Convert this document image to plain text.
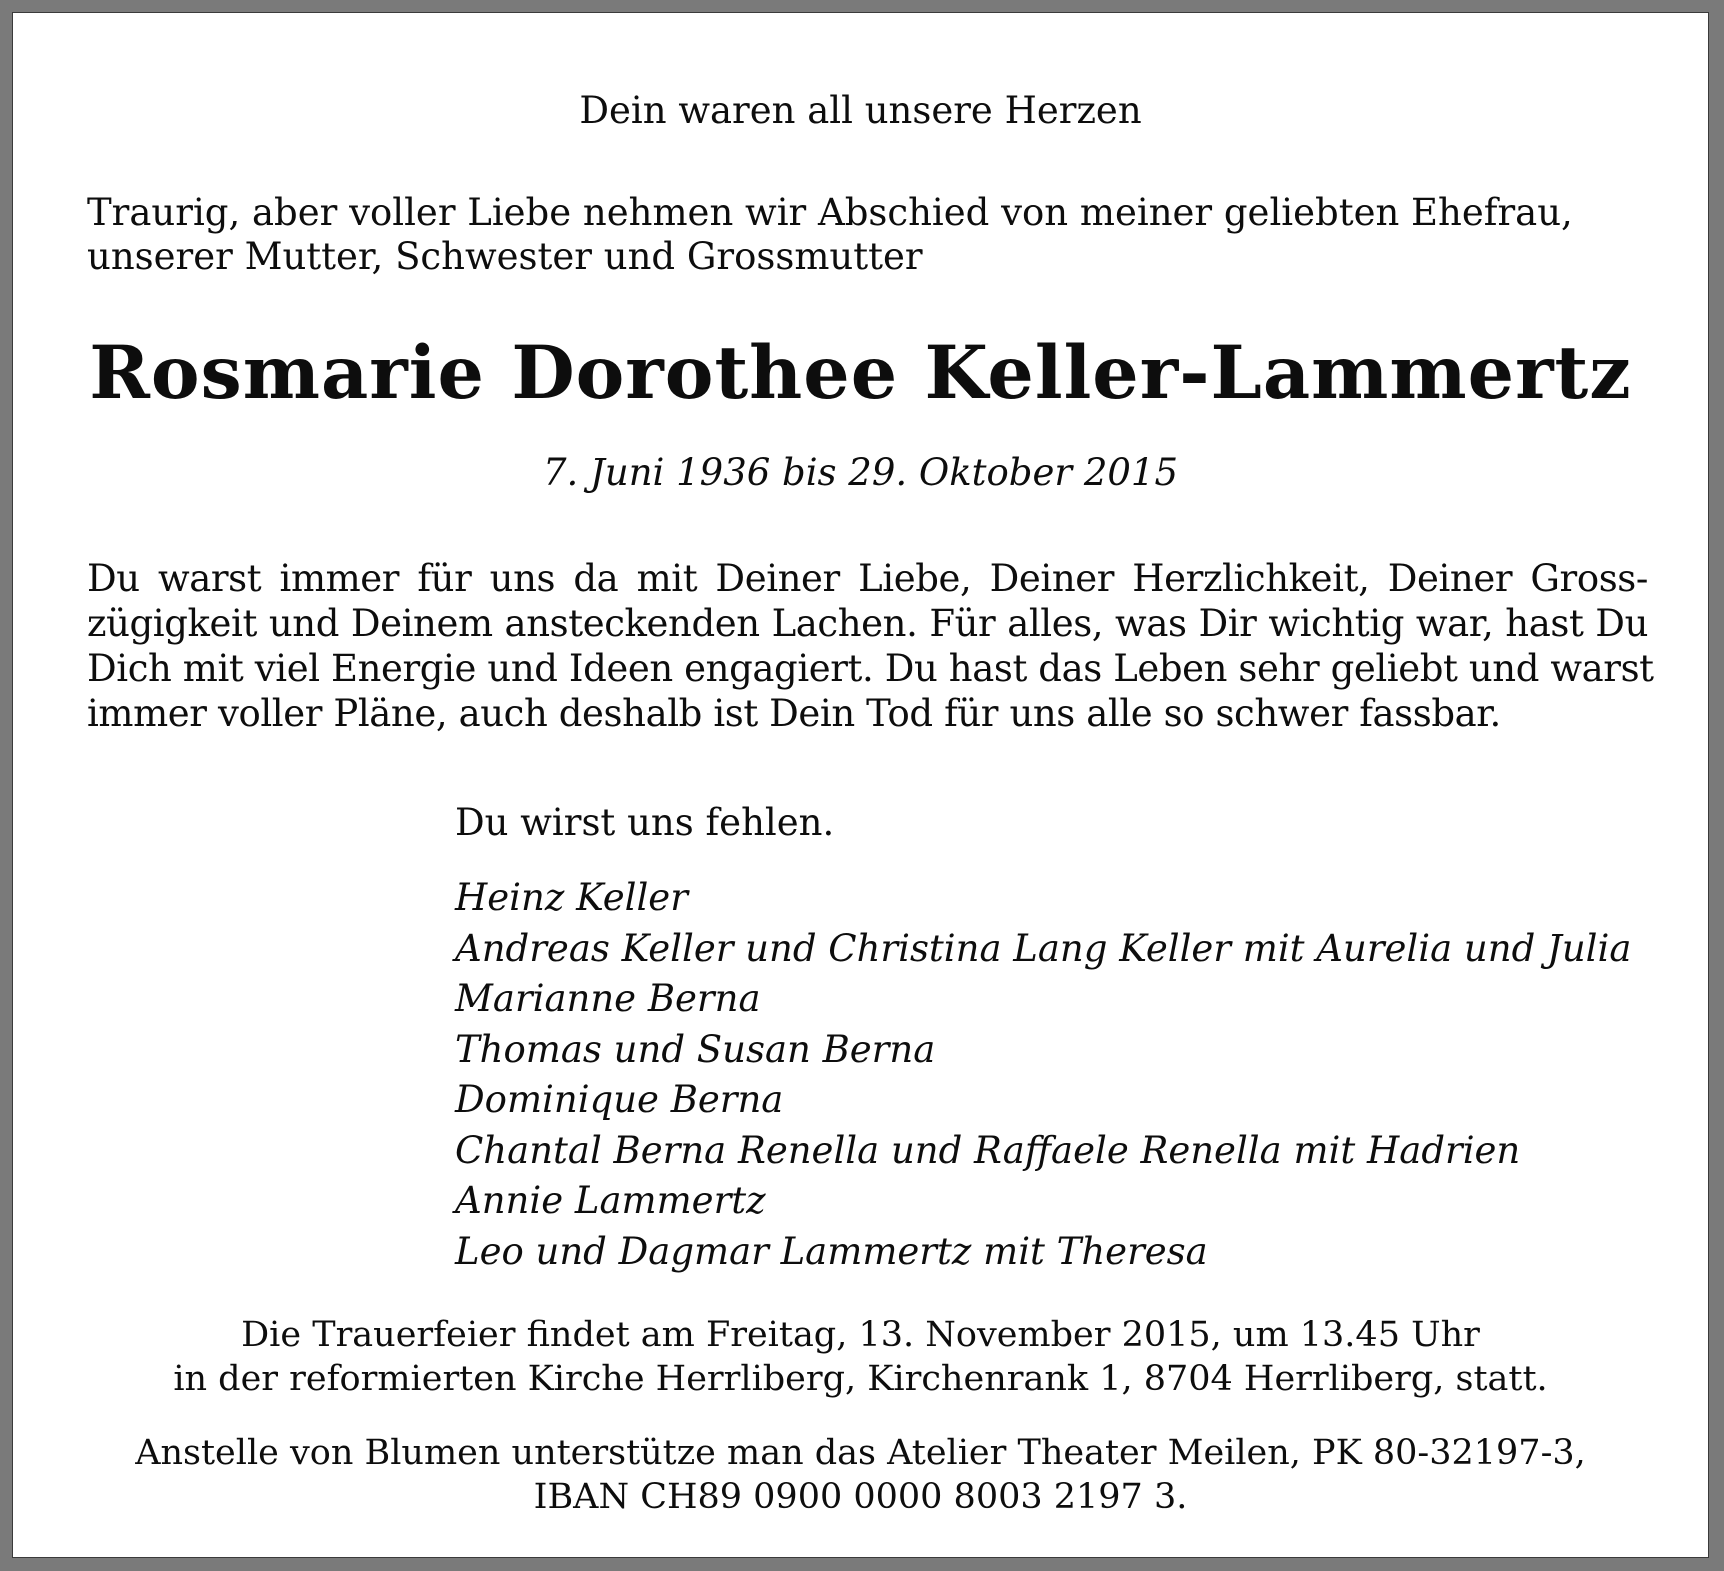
Dein waren all unsere Herzen

Traurig, aber voller Liebe nehmen wir Abschied von meiner geliebten Ehefrau,
unserer Mutter, Schwester und Grossmutter

Rosmarie Dorothee Keller-Lammertz

7. Juni 1936 bis 29. Oktober 2015

Du warst immer für uns da mit Deiner Liebe, Deiner Herzlichkeit, Deiner Gross-
zügigkeit und Deinem ansteckenden Lachen. Für alles, was Dir wichtig war, hast Du
Dich mit viel Energie und Ideen engagiert. Du hast das Leben sehr geliebt und warst
immer voller Pläne, auch deshalb ist Dein Tod für uns alle so schwer fassbar.

Du wirst uns fehlen.

Heinz Keller
Andreas Keller und Christina Lang Keller mit Aurelia und Julia
Marianne Berna
Thomas und Susan Berna
Dominique Berna
Chantal Berna Renella und Raffaele Renella mit Hadrien
Annie Lammertz
Leo und Dagmar Lammertz mit Theresa

Die Trauerfeier findet am Freitag, 13. November 2015, um 13.45 Uhr
in der reformierten Kirche Herrliberg, Kirchenrank 1, 8704 Herrliberg, statt.

Anstelle von Blumen unterstütze man das Atelier Theater Meilen, PK 80-32197-3,
IBAN CH89 0900 0000 8003 2197 3.
